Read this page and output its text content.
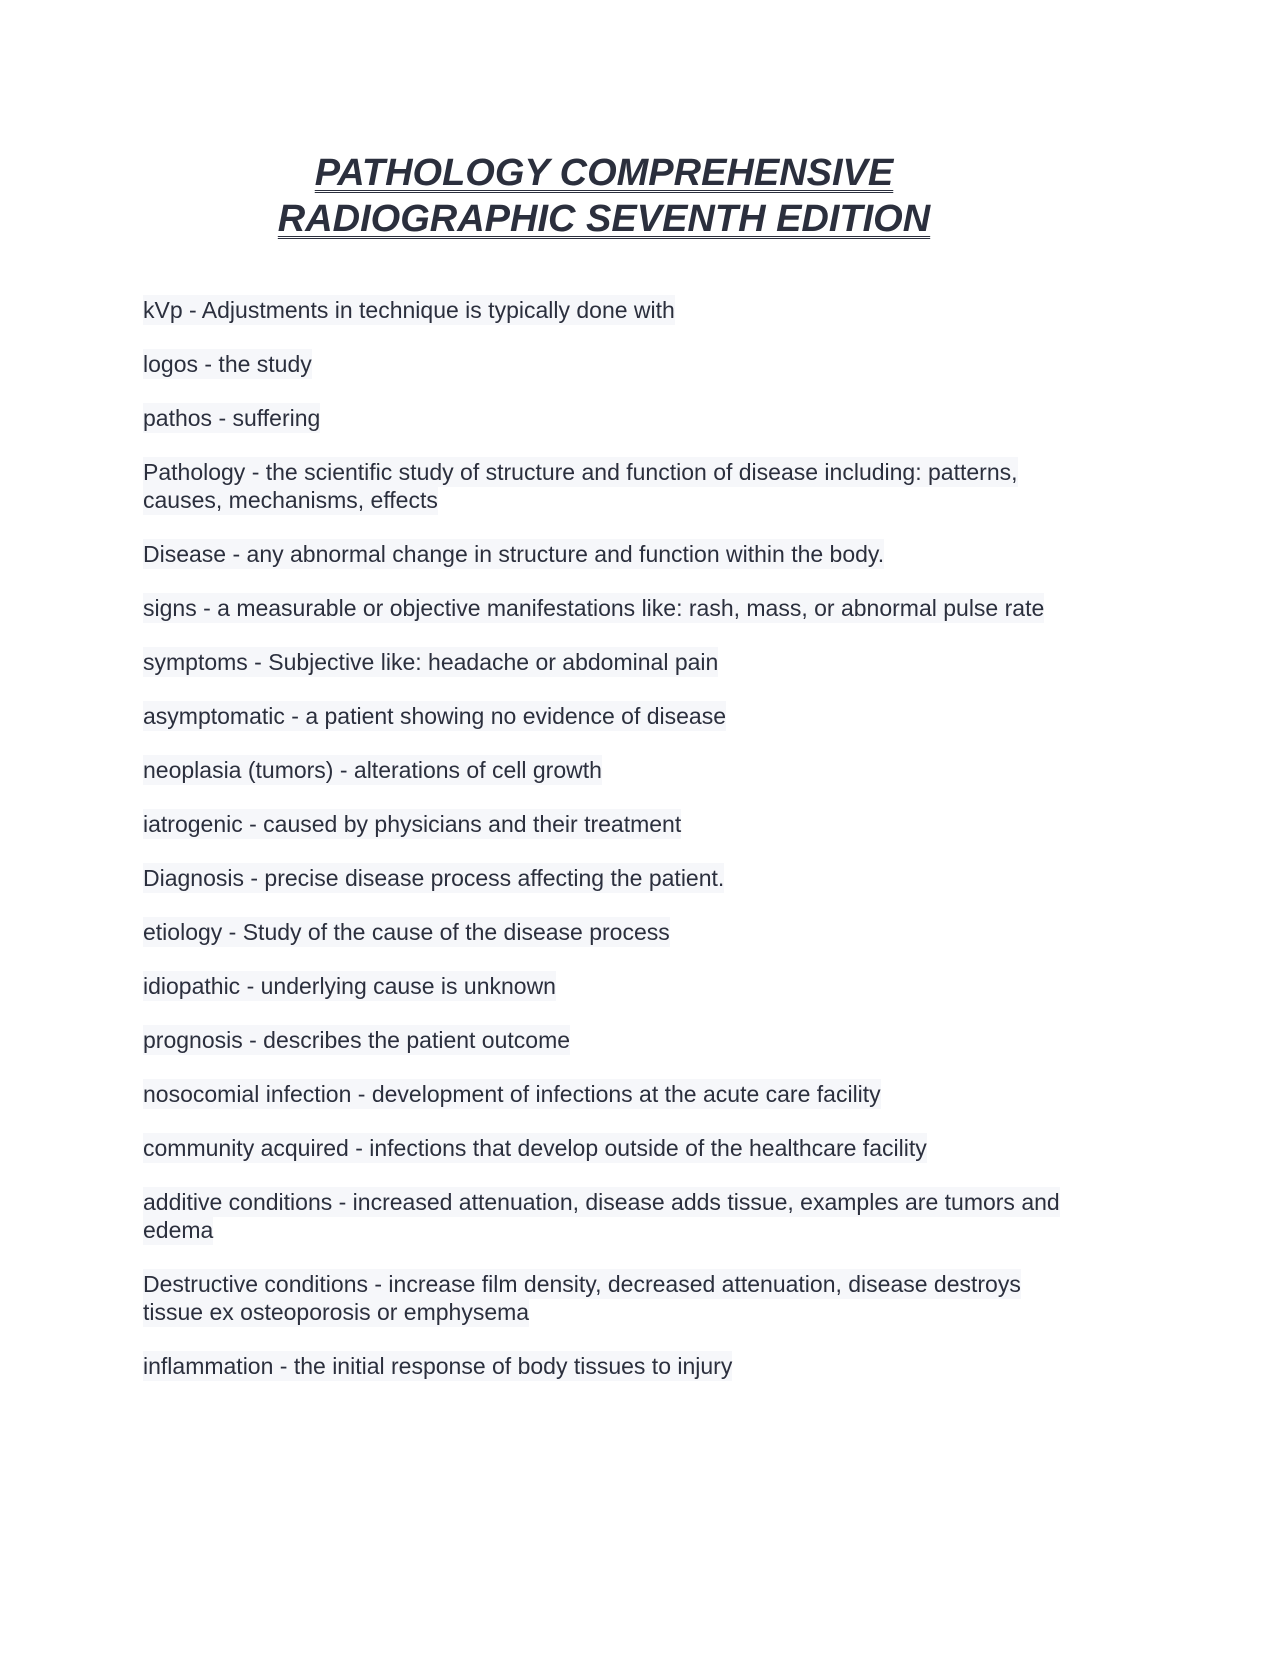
PATHOLOGY COMPREHENSIVE
RADIOGRAPHIC SEVENTH EDITION
kVp - Adjustments in technique is typically done with
logos - the study
pathos - suffering
Pathology - the scientific study of structure and function of disease including: patterns, causes, mechanisms, effects
Disease - any abnormal change in structure and function within the body.
signs - a measurable or objective manifestations like: rash, mass, or abnormal pulse rate
symptoms - Subjective like: headache or abdominal pain
asymptomatic - a patient showing no evidence of disease
neoplasia (tumors) - alterations of cell growth
iatrogenic - caused by physicians and their treatment
Diagnosis - precise disease process affecting the patient.
etiology - Study of the cause of the disease process
idiopathic - underlying cause is unknown
prognosis - describes the patient outcome
nosocomial infection - development of infections at the acute care facility
community acquired - infections that develop outside of the healthcare facility
additive conditions - increased attenuation, disease adds tissue, examples are tumors and edema
Destructive conditions - increase film density, decreased attenuation, disease destroys tissue ex osteoporosis or emphysema
inflammation - the initial response of body tissues to injury
